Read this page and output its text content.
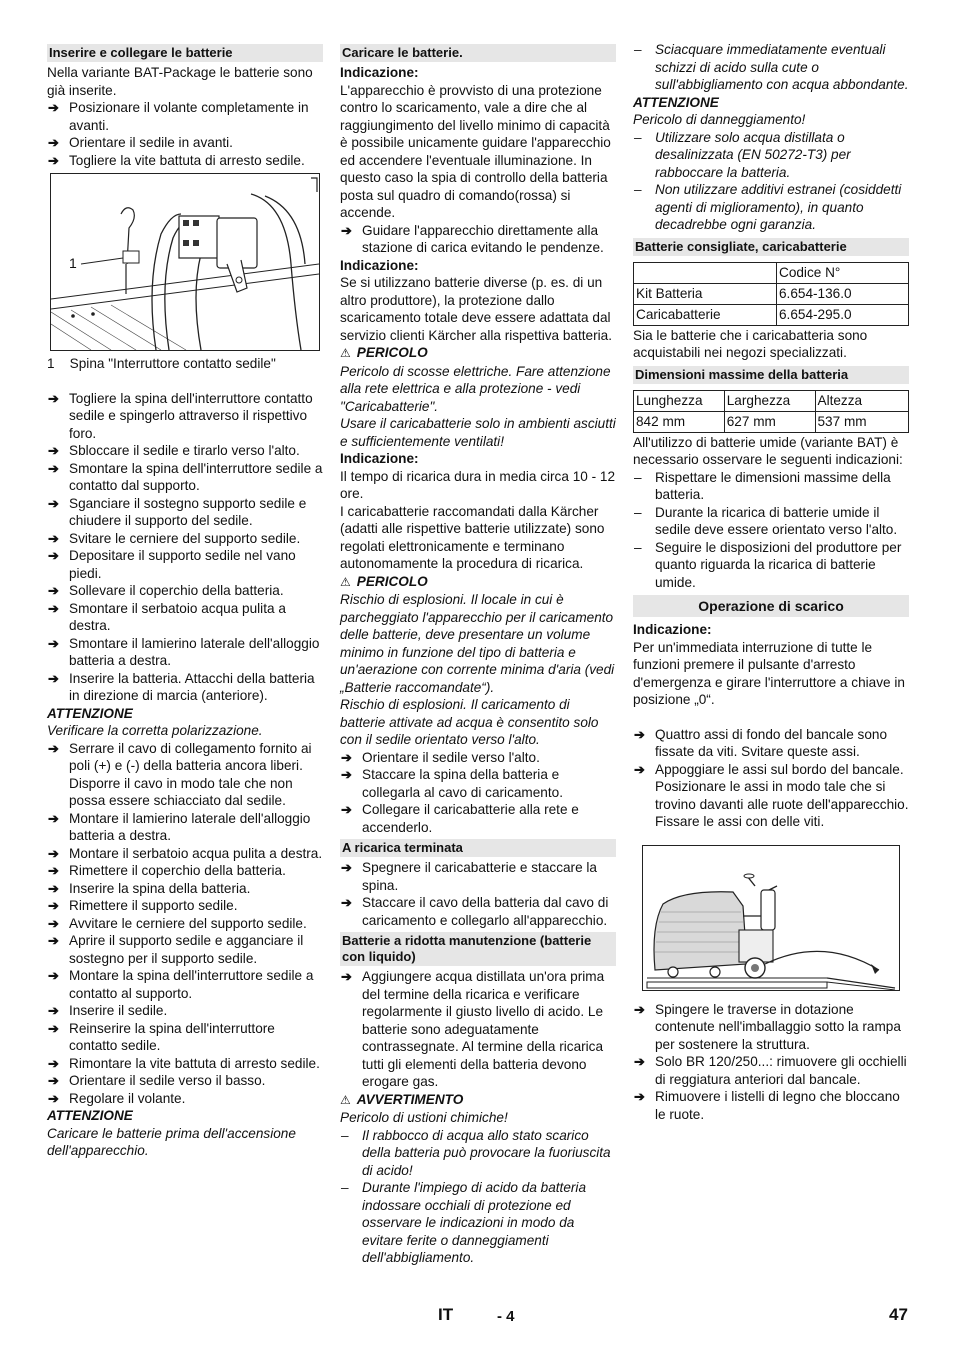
Inserire e collegare le batterie

Nella variante BAT-Package le batterie sono già inserite.

➔ Posizionare il volante completamente in avanti.

➔ Orientare il sedile in avanti.

➔ Togliere la vite battuta di arresto sedile.

1

1 Spina "Interruttore contatto sedile"

➔ Togliere la spina dell'interruttore contatto sedile e spingerlo attraverso il rispettivo foro.

➔ Sbloccare il sedile e tirarlo verso l'alto.

➔ Smontare la spina dell'interruttore sedile a contatto dal supporto.

➔ Sganciare il sostegno supporto sedile e chiudere il supporto del sedile.

➔ Svitare le cerniere del supporto sedile.

➔ Depositare il supporto sedile nel vano piedi.

➔ Sollevare il coperchio della batteria.

➔ Smontare il serbatoio acqua pulita a destra.

➔ Smontare il lamierino laterale dell'alloggio batteria a destra.

➔ Inserire la batteria. Attacchi della batteria in direzione di marcia (anteriore).

ATTENZIONE

Verificare la corretta polarizzazione.

➔ Serrare il cavo di collegamento fornito ai poli (+) e (-) della batteria ancora liberi. Disporre il cavo in modo tale che non possa essere schiacciato dal sedile.

➔ Montare il lamierino laterale dell'alloggio batteria a destra.

➔ Montare il serbatoio acqua pulita a destra.

➔ Rimettere il coperchio della batteria.

➔ Inserire la spina della batteria.

➔ Rimettere il supporto sedile.

➔ Avvitare le cerniere del supporto sedile.

➔ Aprire il supporto sedile e agganciare il sostegno per il supporto sedile.

➔ Montare la spina dell'interruttore sedile a contatto al supporto.

➔ Inserire il sedile.

➔ Reinserire la spina dell'interruttore contatto sedile.

➔ Rimontare la vite battuta di arresto sedile.

➔ Orientare il sedile verso il basso.

➔ Regolare il volante.

ATTENZIONE

Caricare le batterie prima dell'accensione dell'apparecchio.

Caricare le batterie.

Indicazione:

L'apparecchio è provvisto di una protezione contro lo scaricamento, vale a dire che al raggiungimento del livello minimo di capacità è possibile unicamente guidare l'apparecchio ed accendere l'eventuale illuminazione. In questo caso la spia di controllo della batteria posta sul quadro di comando(rossa) si accende.

➔ Guidare l'apparecchio direttamente alla stazione di carica evitando le pendenze.

Indicazione:

Se si utilizzano batterie diverse (p. es. di un altro produttore), la protezione dallo scaricamento totale deve essere adattata dal servizio clienti Kärcher alla rispettiva batteria.

⚠ PERICOLO

Pericolo di scosse elettriche. Fare attenzione alla rete elettrica e alla protezione - vedi "Caricabatterie".

Usare il caricabatterie solo in ambienti asciutti e sufficientemente ventilati!

Indicazione:

Il tempo di ricarica dura in media circa 10 - 12 ore.

I caricabatterie raccomandati dalla Kärcher (adatti alle rispettive batterie utilizzate) sono regolati elettronicamente e terminano autonomamente la procedura di ricarica.

⚠ PERICOLO

Rischio di esplosioni. Il locale in cui è parcheggiato l'apparecchio per il caricamento delle batterie, deve presentare un volume minimo in funzione del tipo di batteria e un'aerazione con corrente minima d'aria (vedi „Batterie raccomandate“).

Rischio di esplosioni. Il caricamento di batterie attivate ad acqua è consentito solo con il sedile orientato verso l'alto.

➔ Orientare il sedile verso l'alto.

➔ Staccare la spina della batteria e collegarla al cavo di caricamento.

➔ Collegare il caricabatterie alla rete e accenderlo.

A ricarica terminata

➔ Spegnere il caricabatterie e staccare la spina.

➔ Staccare il cavo della batteria dal cavo di caricamento e collegarlo all'apparecchio.

Batterie a ridotta manutenzione (batterie con liquido)

➔ Aggiungere acqua distillata un'ora prima del termine della ricarica e verificare regolarmente il giusto livello di acido. Le batterie sono adeguatamente contrassegnate. Al termine della ricarica tutti gli elementi della batteria devono erogare gas.

⚠ AVVERTIMENTO

Pericolo di ustioni chimiche!

– Il rabbocco di acqua allo stato scarico della batteria può provocare la fuoriuscita di acido!

– Durante l'impiego di acido da batteria indossare occhiali di protezione ed osservare le indicazioni in modo da evitare ferite o danneggiamenti dell'abbigliamento.

– Sciacquare immediatamente eventuali schizzi di acido sulla cute o sull'abbigliamento con acqua abbondante.

ATTENZIONE

Pericolo di danneggiamento!

– Utilizzare solo acqua distillata o desalinizzata (EN 50272-T3) per rabboccare la batteria.

– Non utilizzare additivi estranei (cosiddetti agenti di miglioramento), in quanto decadrebbe ogni garanzia.

Batterie consigliate, caricabatterie
	Codice N°
Kit Batteria	6.654-136.0
Caricabatterie	6.654-295.0

Sia le batterie che i caricabatteria sono acquistabili nei negozi specializzati.

Dimensioni massime della batteria
Lunghezza	Larghezza	Altezza
842 mm	627 mm	537 mm

All'utilizzo di batterie umide (variante BAT) è necessario osservare le seguenti indicazioni:

– Rispettare le dimensioni massime della batteria.

– Durante la ricarica di batterie umide il sedile deve essere orientato verso l'alto.

– Seguire le disposizioni del produttore per quanto riguarda la ricarica di batterie umide.

Operazione di scarico

Indicazione:

Per un'immediata interruzione di tutte le funzioni premere il pulsante d'arresto d'emergenza e girare l'interruttore a chiave in posizione „0“.

➔ Quattro assi di fondo del bancale sono fissate da viti. Svitare queste assi.

➔ Appoggiare le assi sul bordo del bancale. Posizionare le assi in modo tale che si trovino davanti alle ruote dell'apparecchio. Fissare le assi con delle viti.

➔ Spingere le traverse in dotazione contenute nell'imballaggio sotto la rampa per sostenere la struttura.

➔ Solo BR 120/250...: rimuovere gli occhielli di reggiatura anteriori dal bancale.

➔ Rimuovere i listelli di legno che bloccano le ruote.

IT	- 4	47
